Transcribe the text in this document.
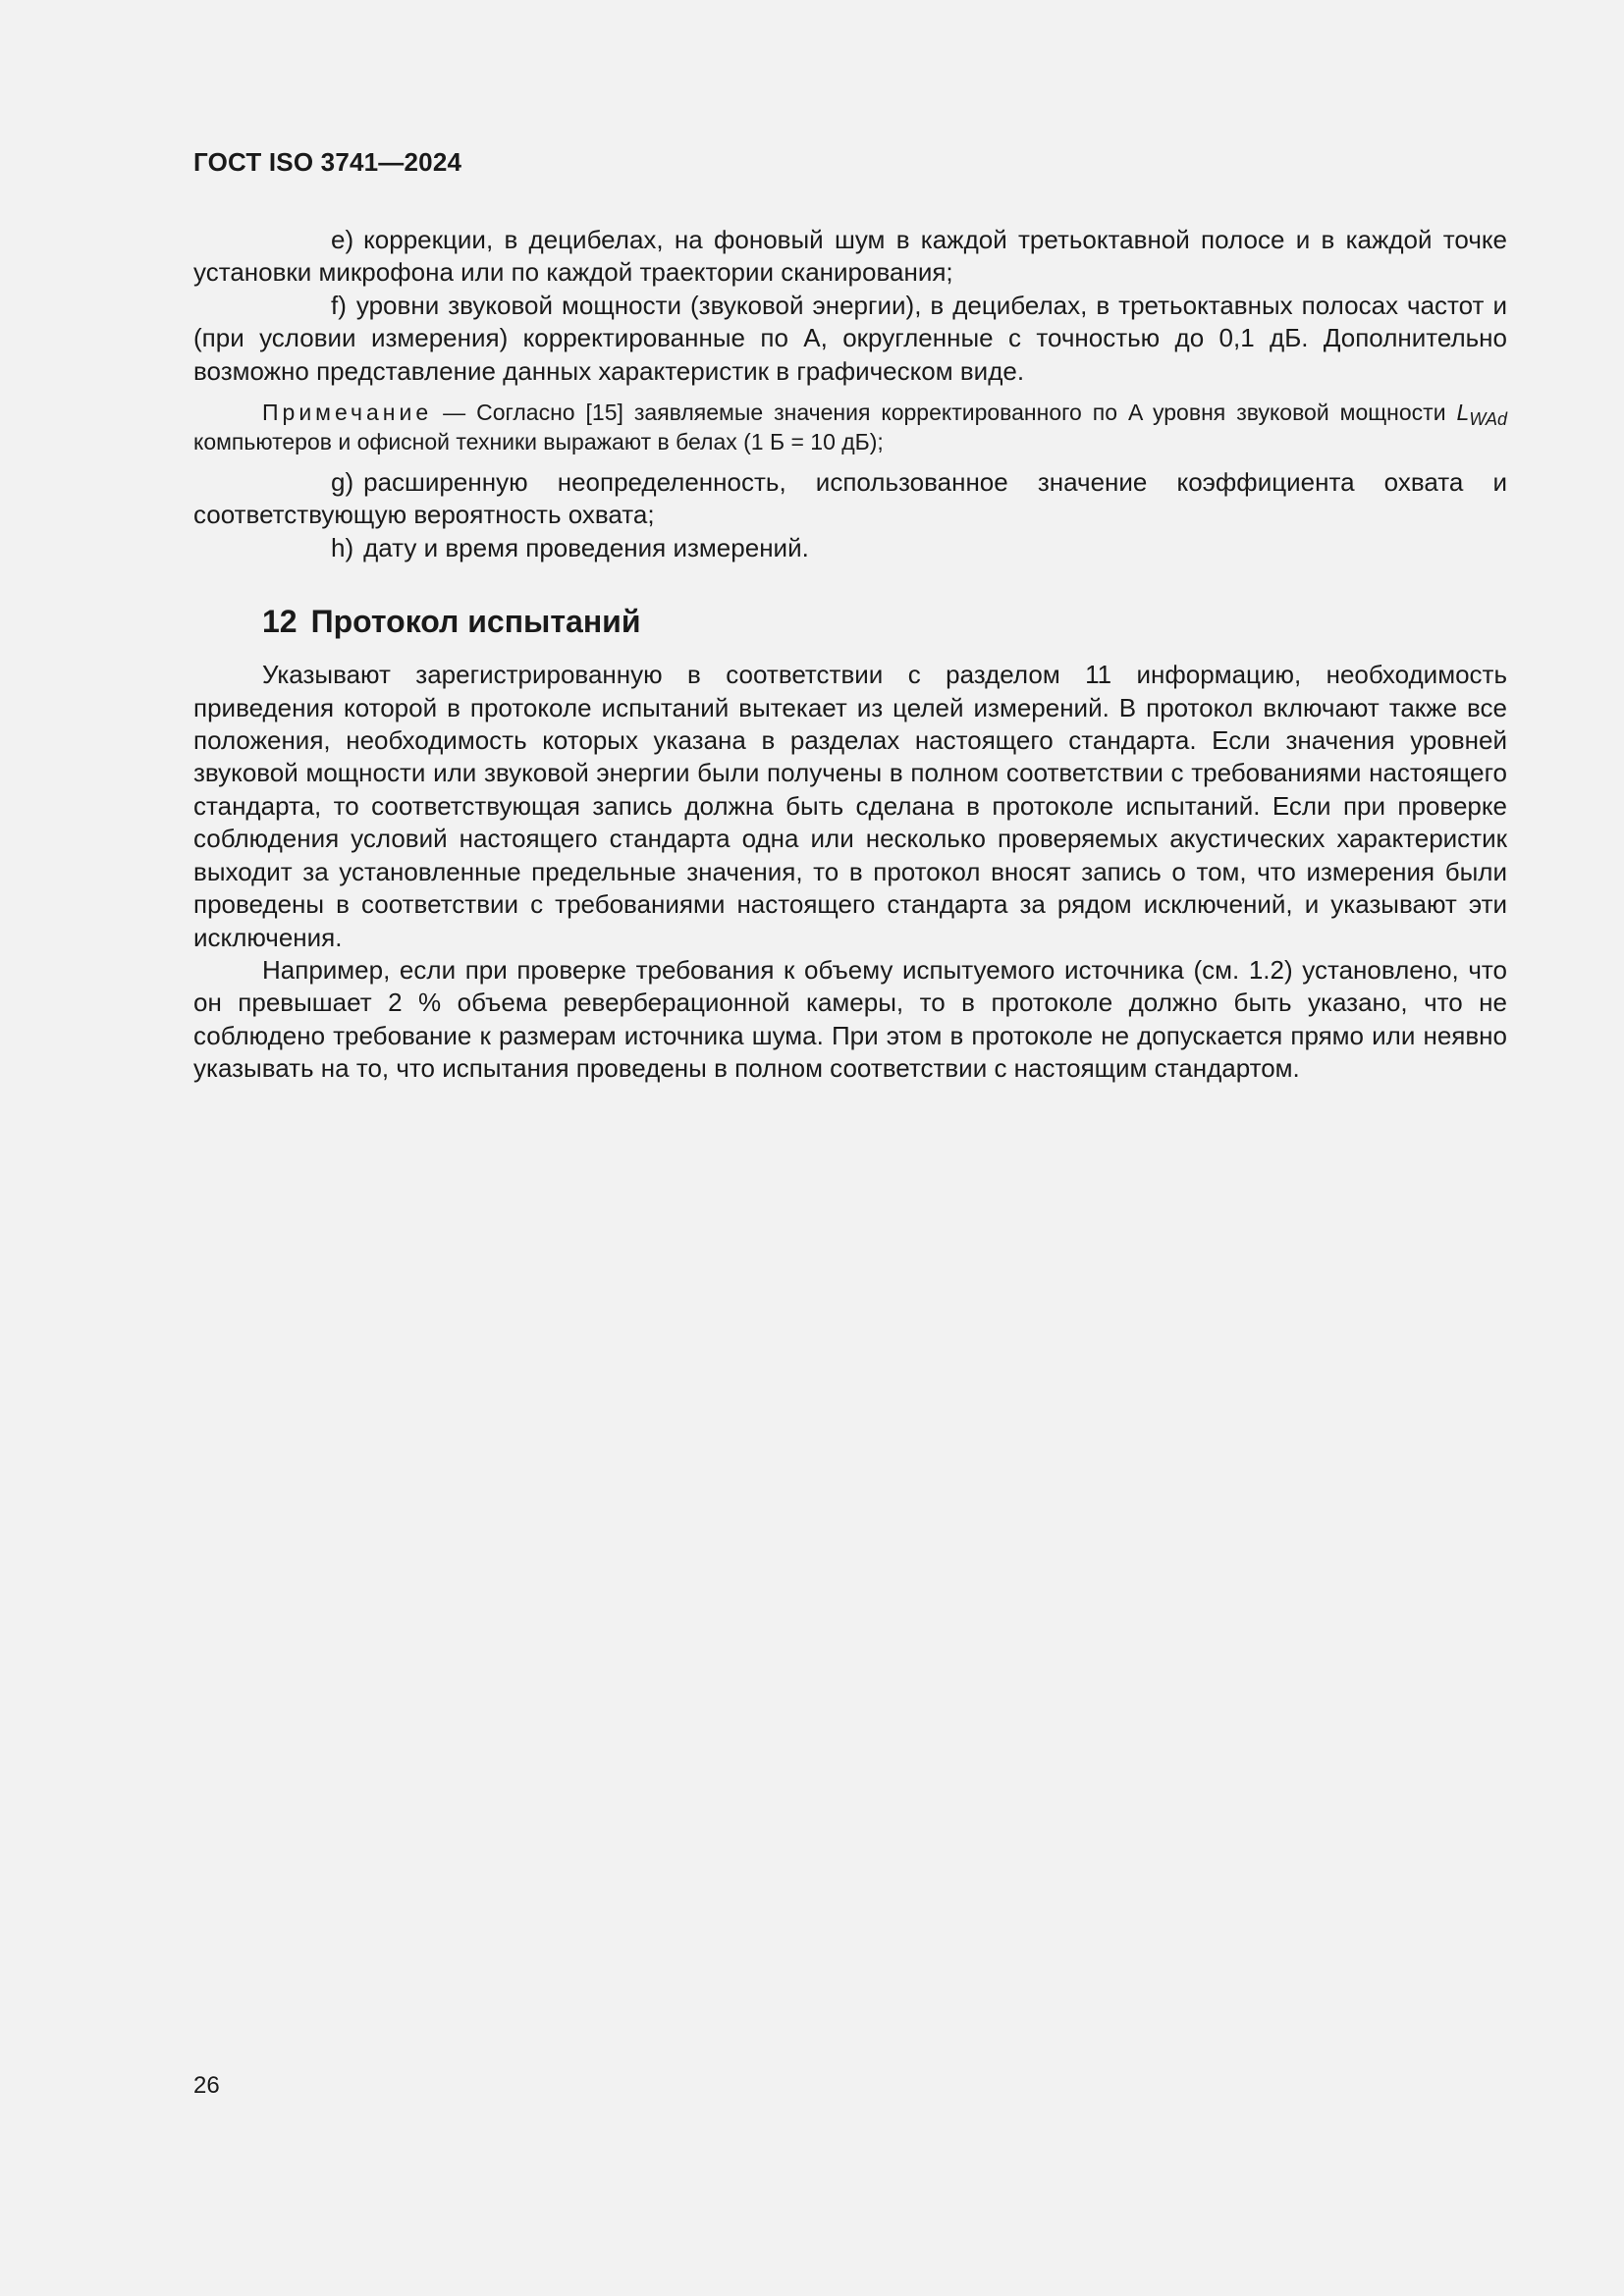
ГОСТ ISO 3741—2024

e) коррекции, в децибелах, на фоновый шум в каждой третьоктавной полосе и в каждой точке установки микрофона или по каждой траектории сканирования;

f) уровни звуковой мощности (звуковой энергии), в децибелах, в третьоктавных полосах частот и (при условии измерения) корректированные по A, округленные с точностью до 0,1 дБ. Дополнительно возможно представление данных характеристик в графическом виде.

Примечание — Согласно [15] заявляемые значения корректированного по A уровня звуковой мощности $L_{WAd}$ компьютеров и офисной техники выражают в белах (1 Б = 10 дБ);

g) расширенную неопределенность, использованное значение коэффициента охвата и соответствующую вероятность охвата;

h) дату и время проведения измерений.

12 Протокол испытаний

Указывают зарегистрированную в соответствии с разделом 11 информацию, необходимость приведения которой в протоколе испытаний вытекает из целей измерений. В протокол включают также все положения, необходимость которых указана в разделах настоящего стандарта. Если значения уровней звуковой мощности или звуковой энергии были получены в полном соответствии с требованиями настоящего стандарта, то соответствующая запись должна быть сделана в протоколе испытаний. Если при проверке соблюдения условий настоящего стандарта одна или несколько проверяемых акустических характеристик выходит за установленные предельные значения, то в протокол вносят запись о том, что измерения были проведены в соответствии с требованиями настоящего стандарта за рядом исключений, и указывают эти исключения.

Например, если при проверке требования к объему испытуемого источника (см. 1.2) установлено, что он превышает 2 % объема реверберационной камеры, то в протоколе должно быть указано, что не соблюдено требование к размерам источника шума. При этом в протоколе не допускается прямо или неявно указывать на то, что испытания проведены в полном соответствии с настоящим стандартом.

26
